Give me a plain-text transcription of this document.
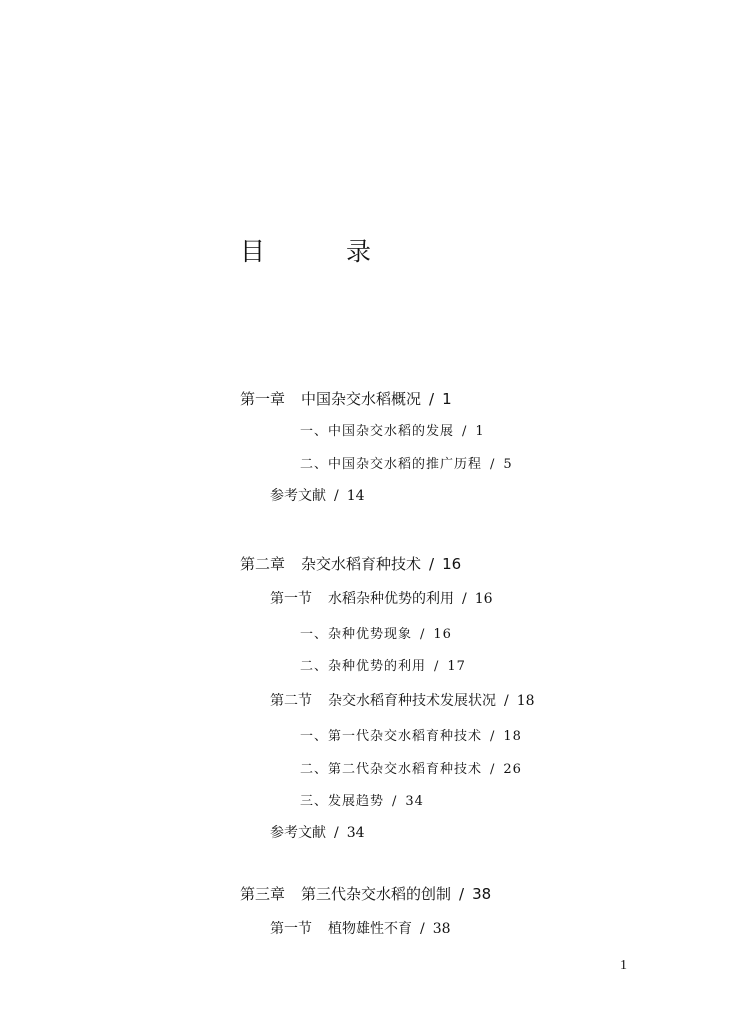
目　录
第一章 中国杂交水稻概况 / 1
一、中国杂交水稻的发展 / 1
二、中国杂交水稻的推广历程 / 5
参考文献 / 14
第二章 杂交水稻育种技术 / 16
第一节 水稻杂种优势的利用 / 16
一、杂种优势现象 / 16
二、杂种优势的利用 / 17
第二节 杂交水稻育种技术发展状况 / 18
一、第一代杂交水稻育种技术 / 18
二、第二代杂交水稻育种技术 / 26
三、发展趋势 / 34
参考文献 / 34
第三章 第三代杂交水稻的创制 / 38
第一节 植物雄性不育 / 38
1
